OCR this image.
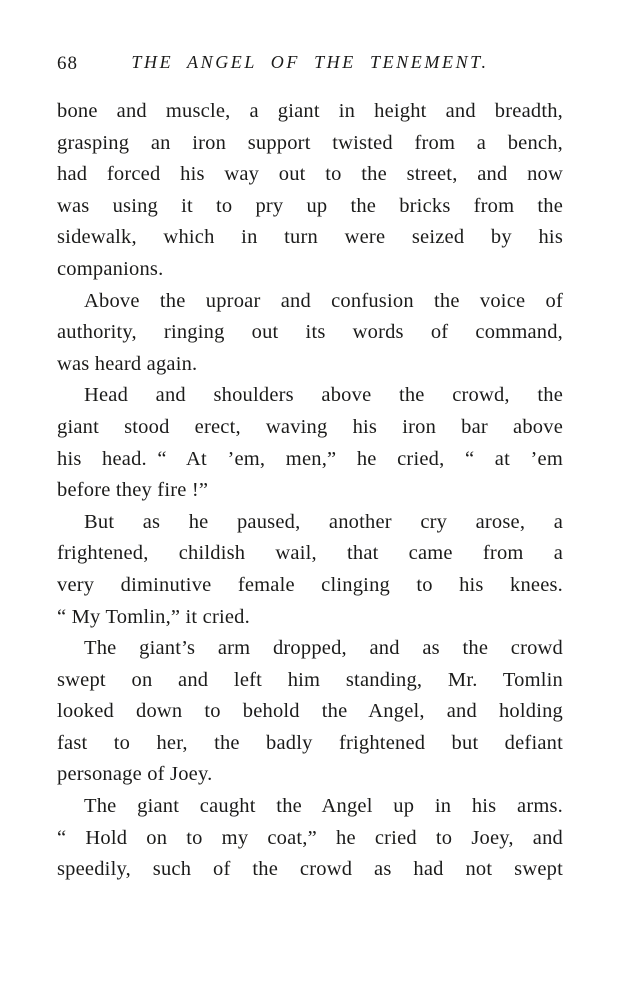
68	THE ANGEL OF THE TENEMENT.
bone and muscle, a giant in height and breadth,
grasping an iron support twisted from a bench,
had forced his way out to the street, and now
was using it to pry up the bricks from the
sidewalk, which in turn were seized by his
companions.
Above the uproar and confusion the voice of
authority, ringing out its words of command,
was heard again.
Head and shoulders above the crowd, the
giant stood erect, waving his iron bar above
his head. “ At ’em, men,” he cried, “ at ’em
before they fire !”
But as he paused, another cry arose, a
frightened, childish wail, that came from a
very diminutive female clinging to his knees.
“ My Tomlin,” it cried.
The giant’s arm dropped, and as the crowd
swept on and left him standing, Mr. Tomlin
looked down to behold the Angel, and holding
fast to her, the badly frightened but defiant
personage of Joey.
The giant caught the Angel up in his arms.
“ Hold on to my coat,” he cried to Joey, and
speedily, such of the crowd as had not swept
